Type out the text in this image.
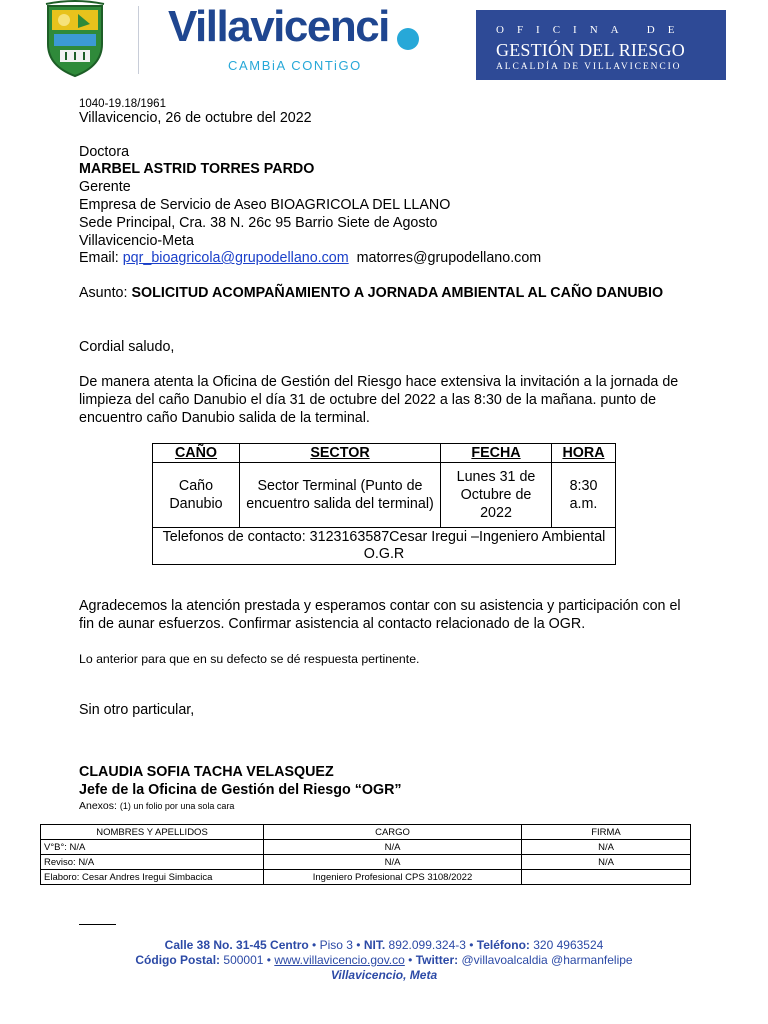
Villavicenci
CAMBiA CONTiGO
OFICINA DE
GESTIÓN DEL RIESGO
ALCALDÍA DE VILLAVICENCIO
1040-19.18/1961
Villavicencio, 26 de octubre del 2022
Doctora
MARBEL ASTRID TORRES PARDO
Gerente
Empresa de Servicio de Aseo BIOAGRICOLA DEL LLANO
Sede Principal, Cra. 38 N. 26c 95 Barrio Siete de Agosto
Villavicencio-Meta
Email: pqr_bioagricola@grupodellano.com matorres@grupodellano.com
Asunto: SOLICITUD ACOMPAÑAMIENTO A JORNADA AMBIENTAL AL CAÑO DANUBIO
Cordial saludo,
De manera atenta la Oficina de Gestión del Riesgo hace extensiva la invitación a la jornada de limpieza del caño Danubio el día 31 de octubre del 2022 a las 8:30 de la mañana. punto de encuentro caño Danubio salida de la terminal.
CAÑO	SECTOR	FECHA	HORA
Caño Danubio	Sector Terminal (Punto de encuentro salida del terminal)	Lunes 31 de Octubre de 2022	8:30 a.m.
Telefonos de contacto: 3123163587Cesar Iregui –Ingeniero Ambiental O.G.R			
Agradecemos la atención prestada y esperamos contar con su asistencia y participación con el fin de aunar esfuerzos. Confirmar asistencia al contacto relacionado de la OGR.
Lo anterior para que en su defecto se dé respuesta pertinente.
Sin otro particular,
CLAUDIA SOFIA TACHA VELASQUEZ
Jefe de la Oficina de Gestión del Riesgo “OGR”
Anexos: (1) un folio por una sola cara
NOMBRES Y APELLIDOS	CARGO	FIRMA
V°B°: N/A	N/A	N/A
Reviso: N/A	N/A	N/A
Elaboro: Cesar Andres Iregui Simbacica	Ingeniero Profesional CPS 3108/2022	
Calle 38 No. 31-45 Centro • Piso 3 • NIT. 892.099.324-3 • Teléfono: 320 4963524
Código Postal: 500001 • www.villavicencio.gov.co • Twitter: @villavoalcaldia @harmanfelipe
Villavicencio, Meta
